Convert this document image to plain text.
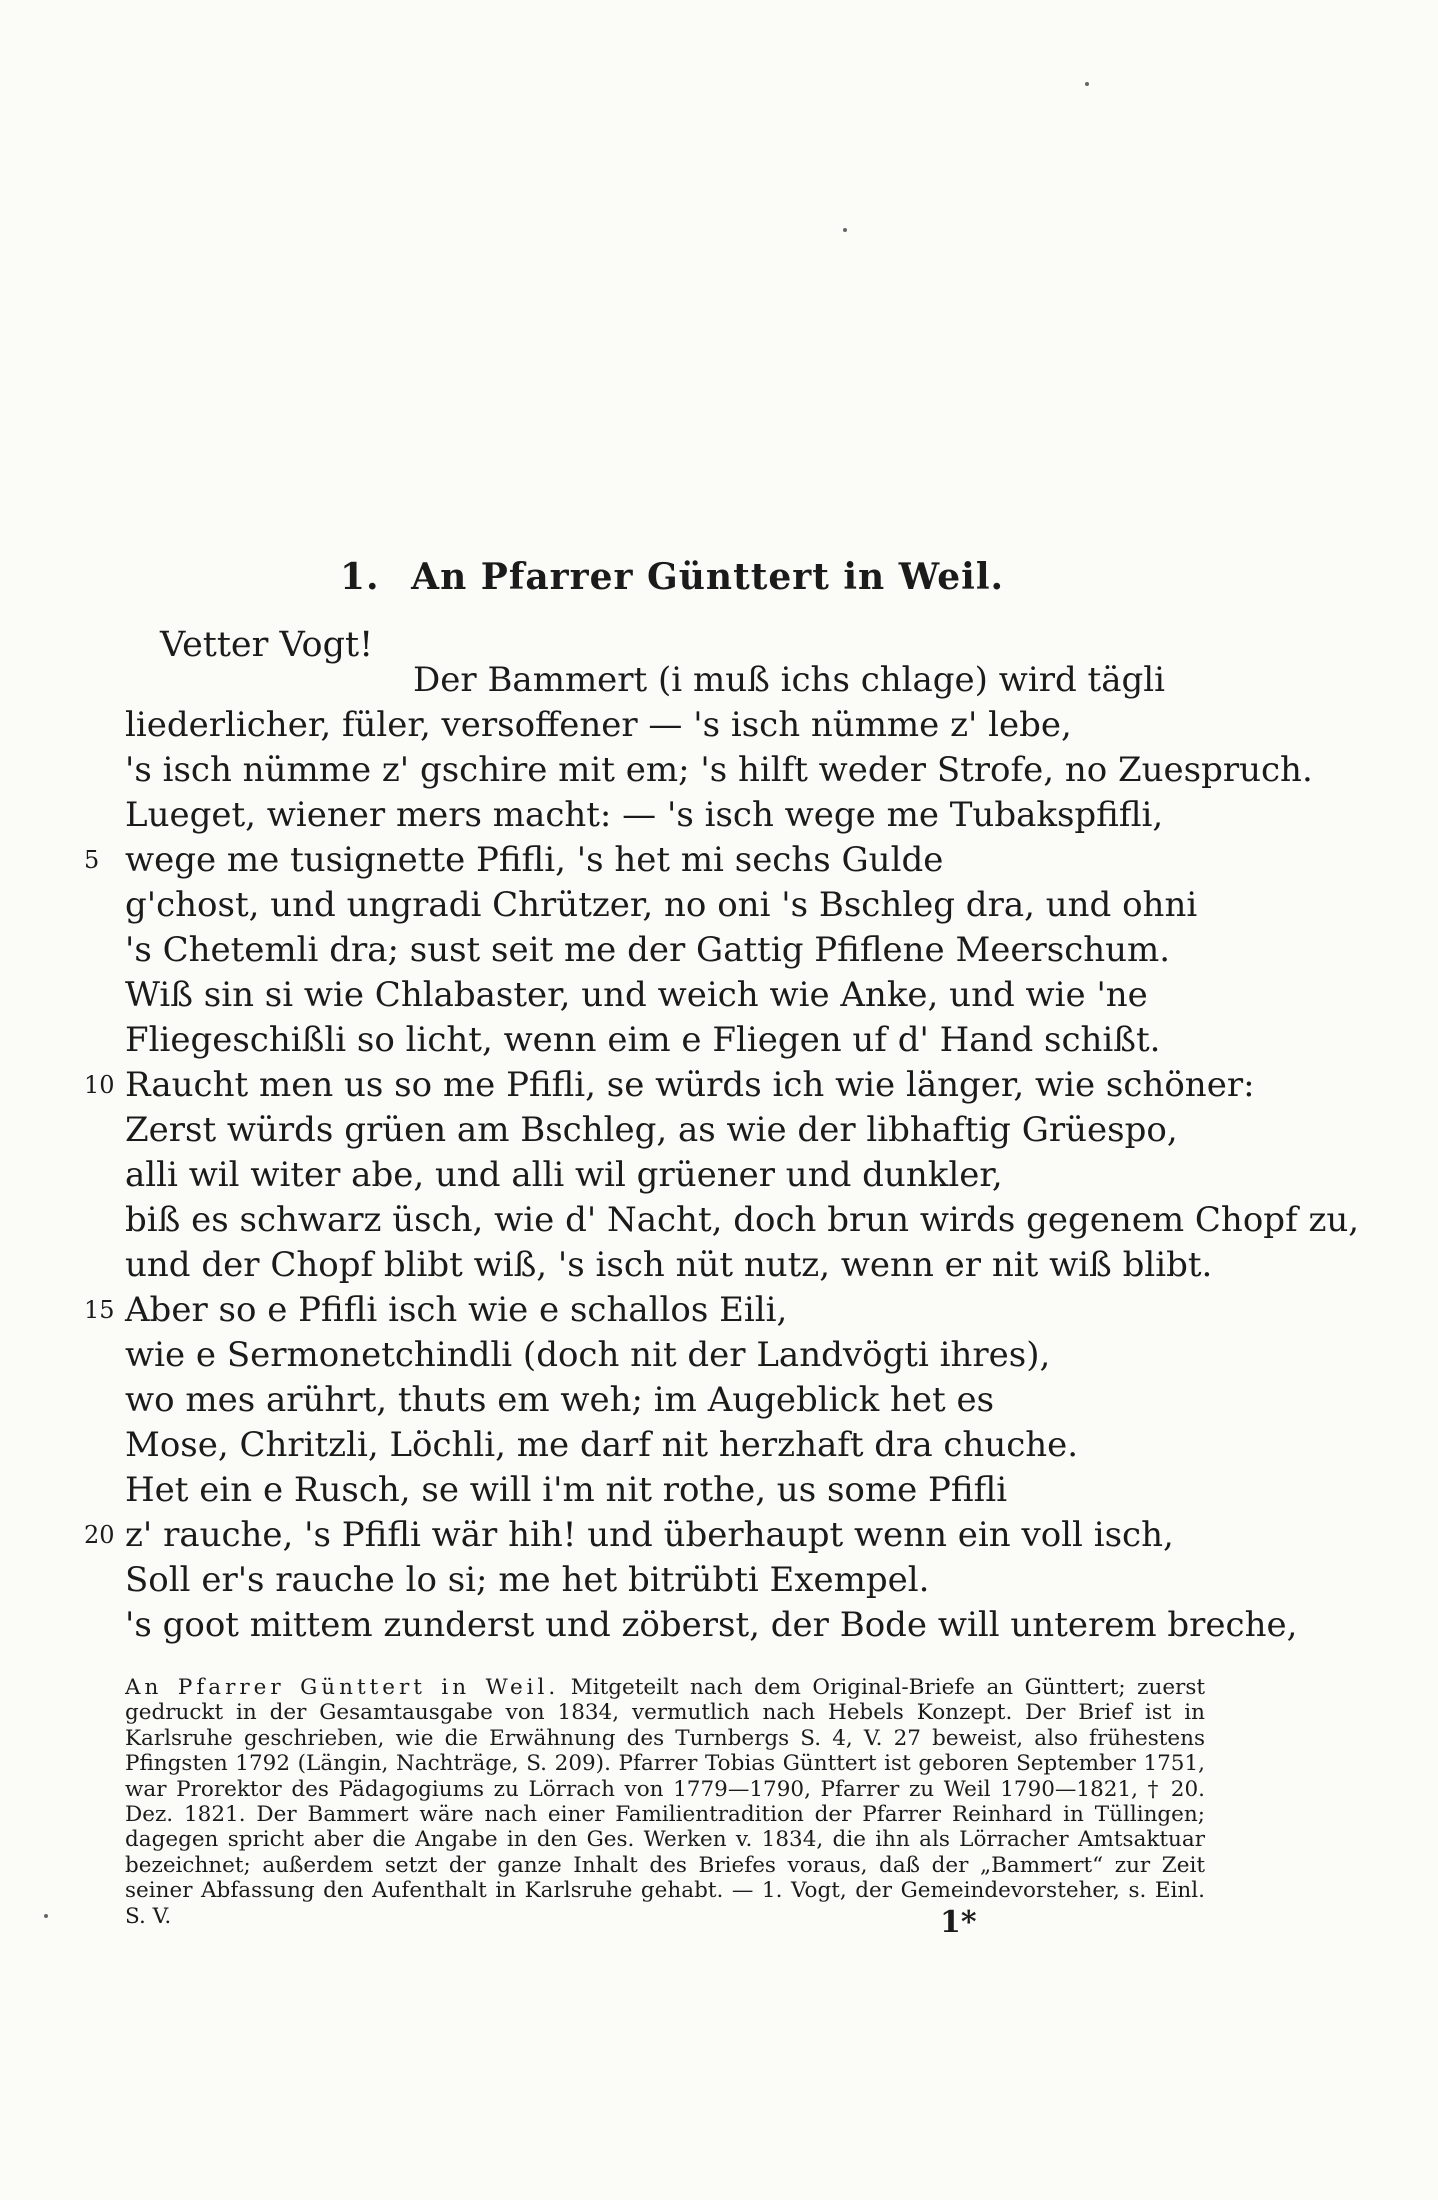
1. An Pfarrer Günttert in Weil.
Vetter Vogt!
Der Bammert (i muß ichs chlage) wird tägli
liederlicher, füler, versoffener — 's isch nümme z' lebe,
's isch nümme z' gschire mit em; 's hilft weder Strofe, no Zuespruch.
Lueget, wiener mers macht: — 's isch wege me Tubakspfifli,
5 wege me tusignette Pfifli, 's het mi sechs Gulde
g'chost, und ungradi Chrützer, no oni 's Bschleg dra, und ohni
's Chetemli dra; sust seit me der Gattig Pfiflene Meerschum.
Wiß sin si wie Chlabaster, und weich wie Anke, und wie 'ne
Fliegeschißli so licht, wenn eim e Fliegen uf d' Hand schißt.
10 Raucht men us so me Pfifli, se würds ich wie länger, wie schöner:
Zerst würds grüen am Bschleg, as wie der libhaftig Grüespo,
alli wil witer abe, und alli wil grüener und dunkler,
biß es schwarz üsch, wie d' Nacht, doch brun wirds gegenem Chopf zu,
und der Chopf blibt wiß, 's isch nüt nutz, wenn er nit wiß blibt.
15 Aber so e Pfifli isch wie e schallos Eili,
wie e Sermonetchindli (doch nit der Landvögti ihres),
wo mes arührt, thuts em weh; im Augeblick het es
Mose, Chritzli, Löchli, me darf nit herzhaft dra chuche.
Het ein e Rusch, se will i'm nit rothe, us some Pfifli
20 z' rauche, 's Pfifli wär hih! und überhaupt wenn ein voll isch,
Soll er's rauche lo si; me het bitrübti Exempel.
's goot mittem zunderst und zöberst, der Bode will unterem breche,

An Pfarrer Günttert in Weil. Mitgeteilt nach dem Original-Briefe an Günttert; zuerst gedruckt in der Gesamtausgabe von 1834, vermutlich nach Hebels Konzept. Der Brief ist in Karlsruhe geschrieben, wie die Erwähnung des Turnbergs S. 4, V. 27 beweist, also frühestens Pfingsten 1792 (Längin, Nachträge, S. 209). Pfarrer Tobias Günttert ist geboren September 1751, war Prorektor des Pädagogiums zu Lörrach von 1779—1790, Pfarrer zu Weil 1790—1821, † 20. Dez. 1821. Der Bammert wäre nach einer Familientradition der Pfarrer Reinhard in Tüllingen; dagegen spricht aber die Angabe in den Ges. Werken v. 1834, die ihn als Lörracher Amtsaktuar bezeichnet; außerdem setzt der ganze Inhalt des Briefes voraus, daß der „Bammert“ zur Zeit seiner Abfassung den Aufenthalt in Karlsruhe gehabt. — 1. Vogt, der Gemeindevorsteher, s. Einl. S. V.	1*
